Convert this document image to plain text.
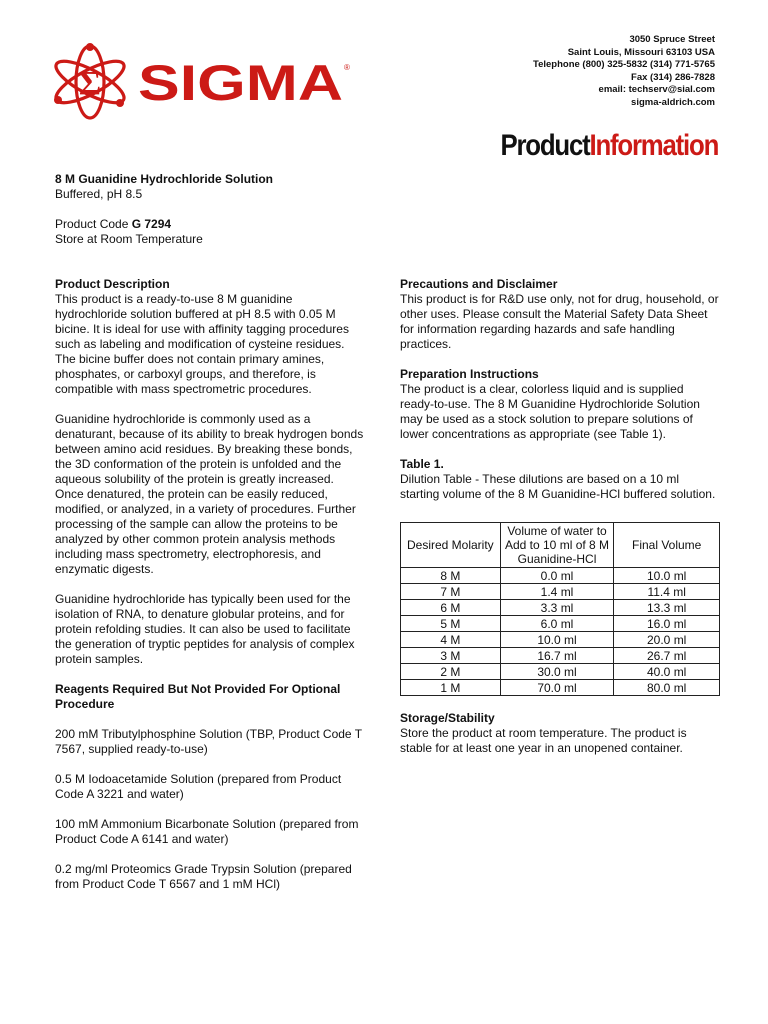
Σ SIGMA ®
3050 Spruce Street
Saint Louis, Missouri 63103 USA
Telephone (800) 325-5832 (314) 771-5765
Fax (314) 286-7828
email: techserv@sial.com
sigma-aldrich.com
ProductInformation
8 M Guanidine Hydrochloride Solution
Buffered, pH 8.5
Product Code G 7294
Store at Room Temperature
Product Description

This product is a ready-to-use 8 M guanidine hydrochloride solution buffered at pH 8.5 with 0.05 M bicine. It is ideal for use with affinity tagging procedures such as labeling and modification of cysteine residues. The bicine buffer does not contain primary amines, phosphates, or carboxyl groups, and therefore, is compatible with mass spectrometric procedures.

Guanidine hydrochloride is commonly used as a denaturant, because of its ability to break hydrogen bonds between amino acid residues. By breaking these bonds, the 3D conformation of the protein is unfolded and the aqueous solubility of the protein is greatly increased. Once denatured, the protein can be easily reduced, modified, or analyzed, in a variety of procedures. Further processing of the sample can allow the proteins to be analyzed by other common protein analysis methods including mass spectrometry, electrophoresis, and enzymatic digests.

Guanidine hydrochloride has typically been used for the isolation of RNA, to denature globular proteins, and for protein refolding studies. It can also be used to facilitate the generation of tryptic peptides for analysis of complex protein samples.

Reagents Required But Not Provided For Optional Procedure

200 mM Tributylphosphine Solution (TBP, Product Code T 7567, supplied ready-to-use)

0.5 M Iodoacetamide Solution (prepared from Product Code A 3221 and water)

100 mM Ammonium Bicarbonate Solution (prepared from Product Code A 6141 and water)

0.2 mg/ml Proteomics Grade Trypsin Solution (prepared from Product Code T 6567 and 1 mM HCl)

Precautions and Disclaimer

This product is for R&D use only, not for drug, household, or other uses. Please consult the Material Safety Data Sheet for information regarding hazards and safe handling practices.

Preparation Instructions

The product is a clear, colorless liquid and is supplied ready-to-use. The 8 M Guanidine Hydrochloride Solution may be used as a stock solution to prepare solutions of lower concentrations as appropriate (see Table 1).

Table 1.

Dilution Table - These dilutions are based on a 10 ml starting volume of the 8 M Guanidine-HCl buffered solution.

Desired Molarity	Volume of water to Add to 10 ml of 8 M Guanidine-HCl	Final Volume
8 M	0.0 ml	10.0 ml
7 M	1.4 ml	11.4 ml
6 M	3.3 ml	13.3 ml
5 M	6.0 ml	16.0 ml
4 M	10.0 ml	20.0 ml
3 M	16.7 ml	26.7 ml
2 M	30.0 ml	40.0 ml
1 M	70.0 ml	80.0 ml
Storage/Stability

Store the product at room temperature. The product is stable for at least one year in an unopened container.
